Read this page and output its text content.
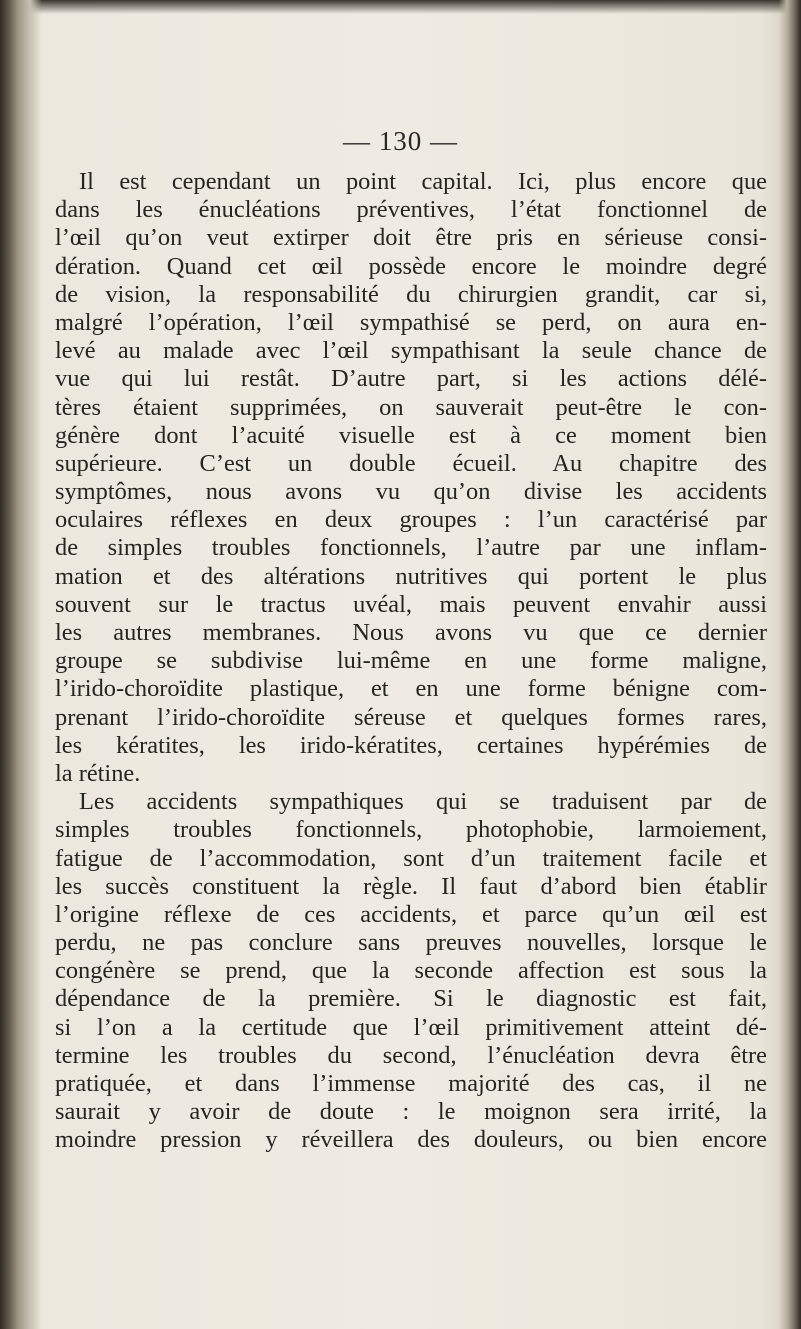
— 130 —
Il est cependant un point capital. Ici, plus encore que
dans les énucléations préventives, l’état fonctionnel de
l’œil qu’on veut extirper doit être pris en sérieuse consi-
dération. Quand cet œil possède encore le moindre degré
de vision, la responsabilité du chirurgien grandit, car si,
malgré l’opération, l’œil sympathisé se perd, on aura en-
levé au malade avec l’œil sympathisant la seule chance de
vue qui lui restât. D’autre part, si les actions délé-
tères étaient supprimées, on sauverait peut-être le con-
génère dont l’acuité visuelle est à ce moment bien
supérieure. C’est un double écueil. Au chapitre des
symptômes, nous avons vu qu’on divise les accidents
oculaires réflexes en deux groupes : l’un caractérisé par
de simples troubles fonctionnels, l’autre par une inflam-
mation et des altérations nutritives qui portent le plus
souvent sur le tractus uvéal, mais peuvent envahir aussi
les autres membranes. Nous avons vu que ce dernier
groupe se subdivise lui-même en une forme maligne,
l’irido-choroïdite plastique, et en une forme bénigne com-
prenant l’irido-choroïdite séreuse et quelques formes rares,
les kératites, les irido-kératites, certaines hypérémies de
la rétine.
Les accidents sympathiques qui se traduisent par de
simples troubles fonctionnels, photophobie, larmoiement,
fatigue de l’accommodation, sont d’un traitement facile et
les succès constituent la règle. Il faut d’abord bien établir
l’origine réflexe de ces accidents, et parce qu’un œil est
perdu, ne pas conclure sans preuves nouvelles, lorsque le
congénère se prend, que la seconde affection est sous la
dépendance de la première. Si le diagnostic est fait,
si l’on a la certitude que l’œil primitivement atteint dé-
termine les troubles du second, l’énucléation devra être
pratiquée, et dans l’immense majorité des cas, il ne
saurait y avoir de doute : le moignon sera irrité, la
moindre pression y réveillera des douleurs, ou bien encore
